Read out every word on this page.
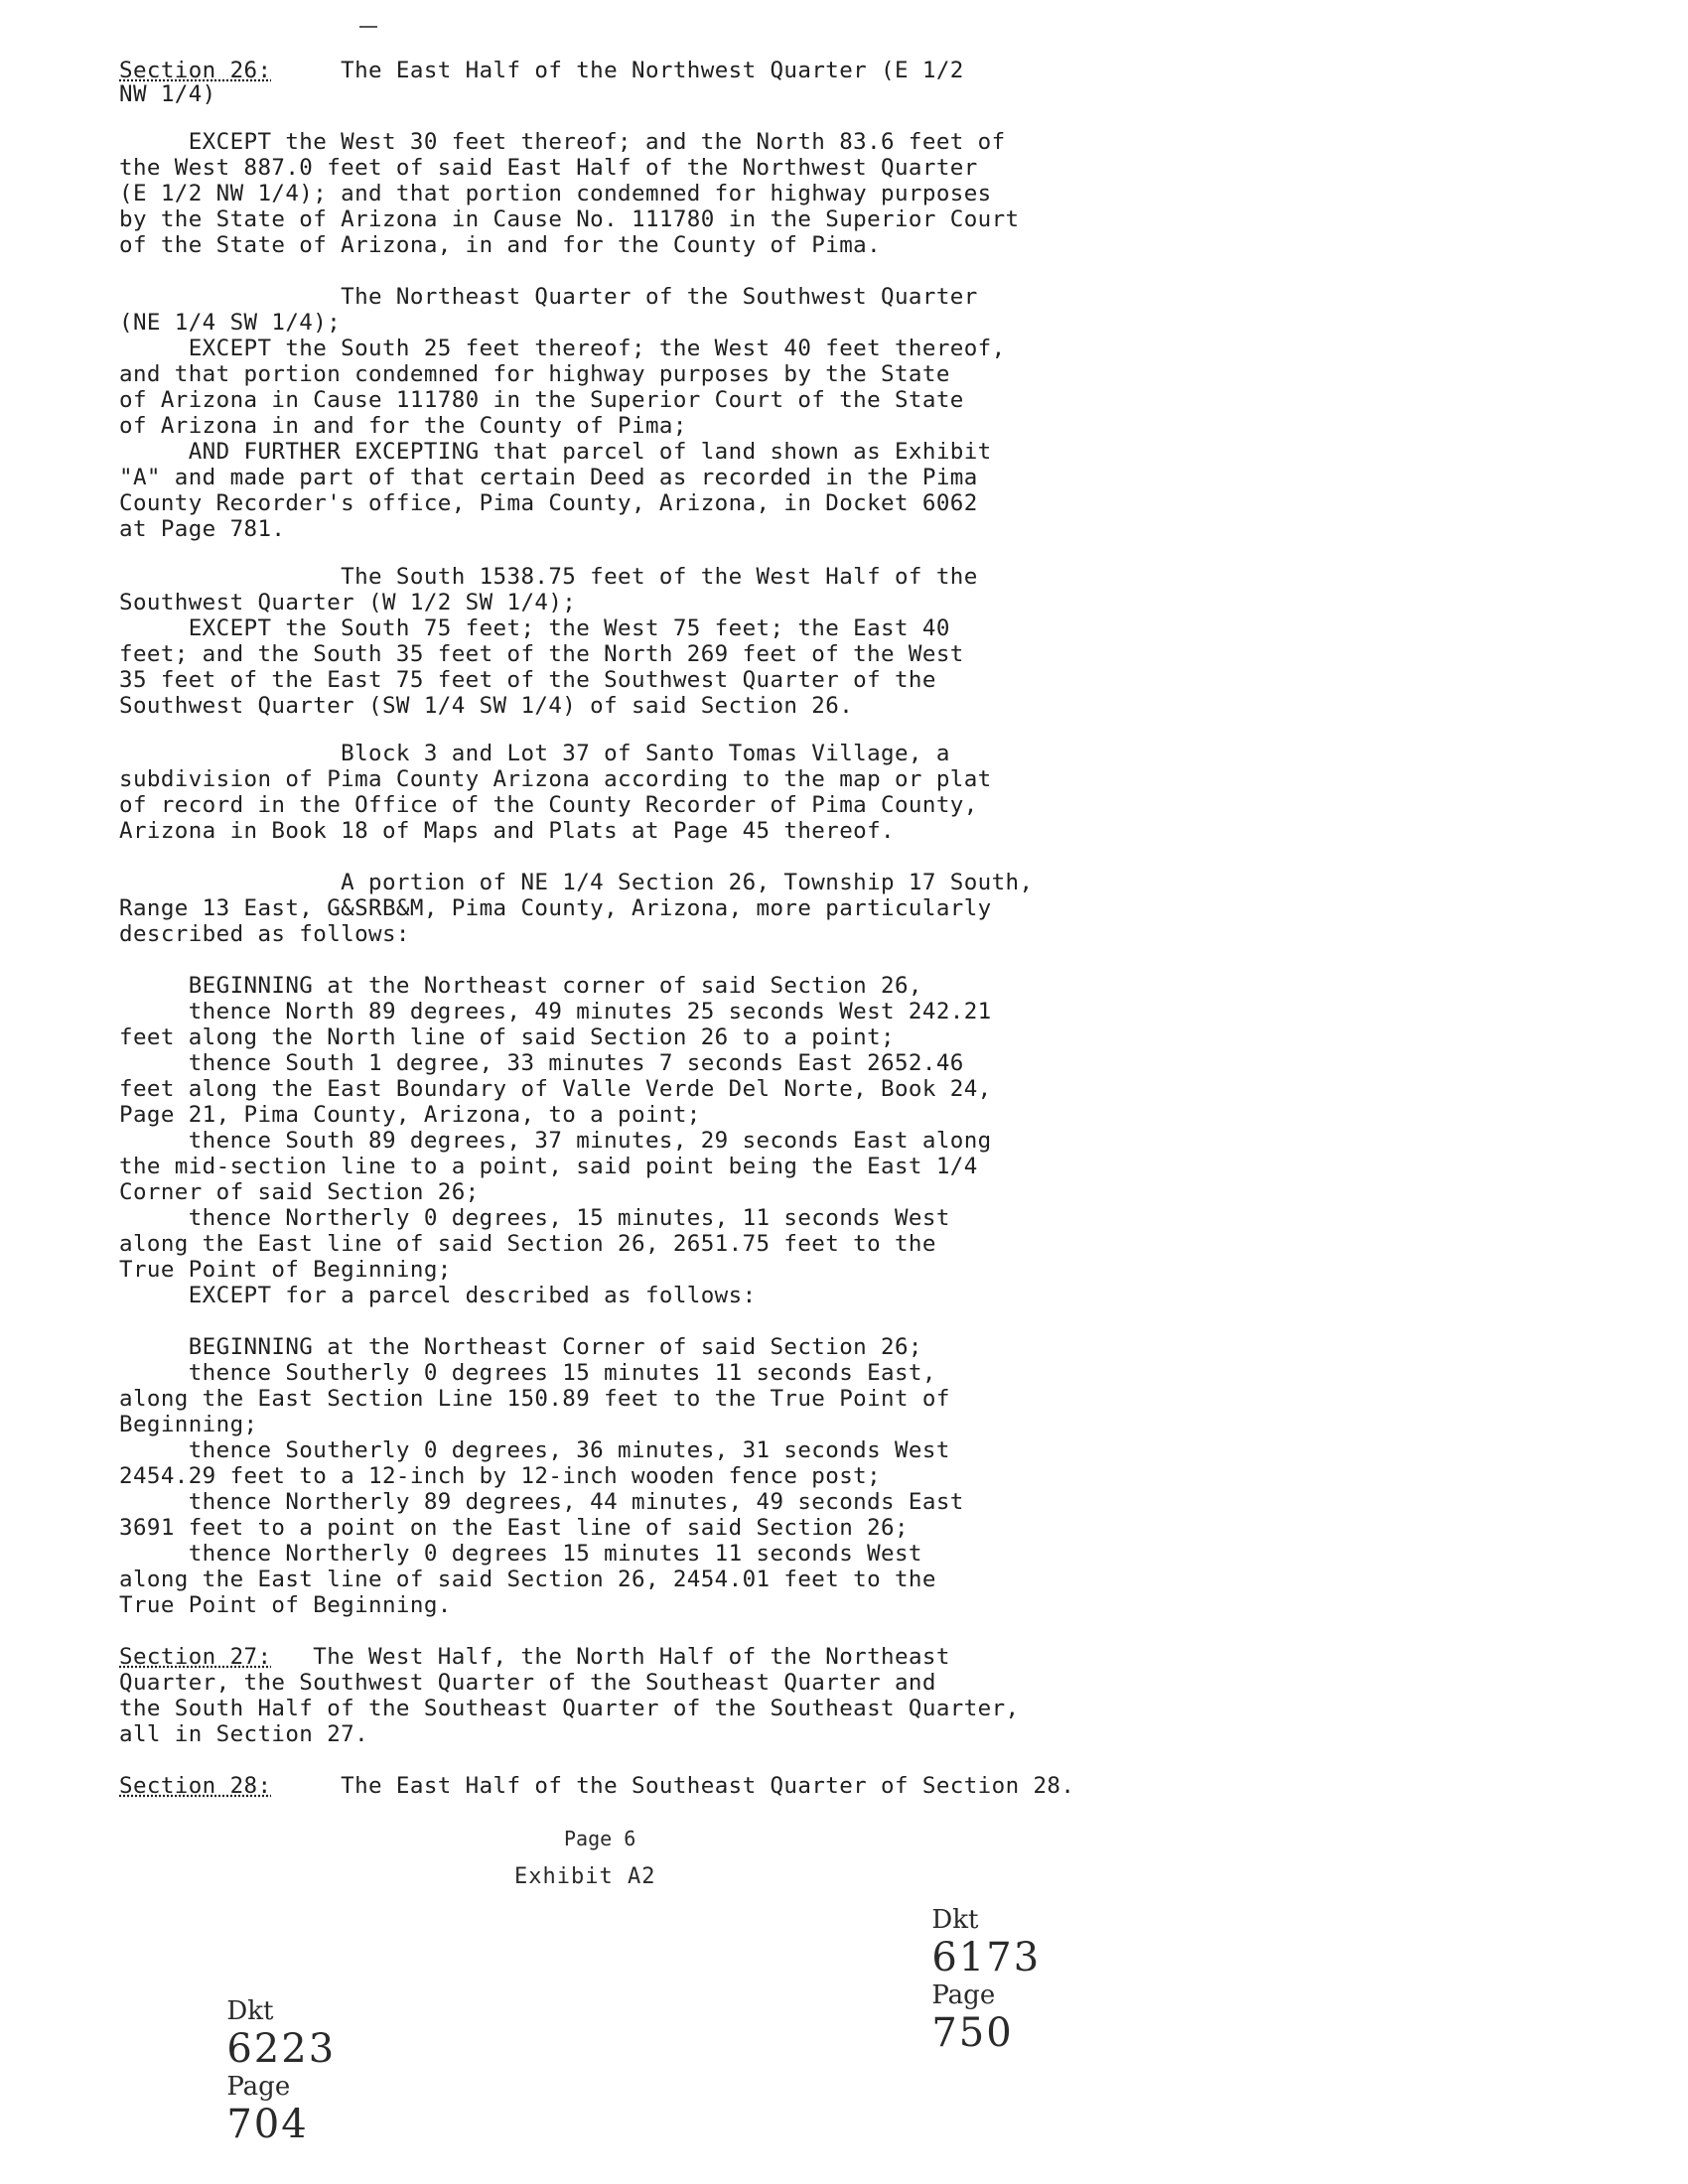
Section 26:     The East Half of the Northwest Quarter (E 1/2
NW 1/4)
EXCEPT the West 30 feet thereof; and the North 83.6 feet of
the West 887.0 feet of said East Half of the Northwest Quarter
(E 1/2 NW 1/4); and that portion condemned for highway purposes
by the State of Arizona in Cause No. 111780 in the Superior Court
of the State of Arizona, in and for the County of Pima.
The Northeast Quarter of the Southwest Quarter
(NE 1/4 SW 1/4);
EXCEPT the South 25 feet thereof; the West 40 feet thereof,
and that portion condemned for highway purposes by the State
of Arizona in Cause 111780 in the Superior Court of the State
of Arizona in and for the County of Pima;
AND FURTHER EXCEPTING that parcel of land shown as Exhibit
"A" and made part of that certain Deed as recorded in the Pima
County Recorder's office, Pima County, Arizona, in Docket 6062
at Page 781.
The South 1538.75 feet of the West Half of the
Southwest Quarter (W 1/2 SW 1/4);
EXCEPT the South 75 feet; the West 75 feet; the East 40
feet; and the South 35 feet of the North 269 feet of the West
35 feet of the East 75 feet of the Southwest Quarter of the
Southwest Quarter (SW 1/4 SW 1/4) of said Section 26.
Block 3 and Lot 37 of Santo Tomas Village, a
subdivision of Pima County Arizona according to the map or plat
of record in the Office of the County Recorder of Pima County,
Arizona in Book 18 of Maps and Plats at Page 45 thereof.
A portion of NE 1/4 Section 26, Township 17 South,
Range 13 East, G&SRB&M, Pima County, Arizona, more particularly
described as follows:
BEGINNING at the Northeast corner of said Section 26,
thence North 89 degrees, 49 minutes 25 seconds West 242.21
feet along the North line of said Section 26 to a point;
thence South 1 degree, 33 minutes 7 seconds East 2652.46
feet along the East Boundary of Valle Verde Del Norte, Book 24,
Page 21, Pima County, Arizona, to a point;
thence South 89 degrees, 37 minutes, 29 seconds East along
the mid-section line to a point, said point being the East 1/4
Corner of said Section 26;
thence Northerly 0 degrees, 15 minutes, 11 seconds West
along the East line of said Section 26, 2651.75 feet to the
True Point of Beginning;
EXCEPT for a parcel described as follows:
BEGINNING at the Northeast Corner of said Section 26;
thence Southerly 0 degrees 15 minutes 11 seconds East,
along the East Section Line 150.89 feet to the True Point of
Beginning;
thence Southerly 0 degrees, 36 minutes, 31 seconds West
2454.29 feet to a 12-inch by 12-inch wooden fence post;
thence Northerly 89 degrees, 44 minutes, 49 seconds East
3691 feet to a point on the East line of said Section 26;
thence Northerly 0 degrees 15 minutes 11 seconds West
along the East line of said Section 26, 2454.01 feet to the
True Point of Beginning.
Section 27:   The West Half, the North Half of the Northeast
Quarter, the Southwest Quarter of the Southeast Quarter and
the South Half of the Southeast Quarter of the Southeast Quarter,
all in Section 27.
Section 28:     The East Half of the Southeast Quarter of Section 28.
Page 6
Exhibit A2

Dkt
6173
Page
750

Dkt
6223
Page
704
